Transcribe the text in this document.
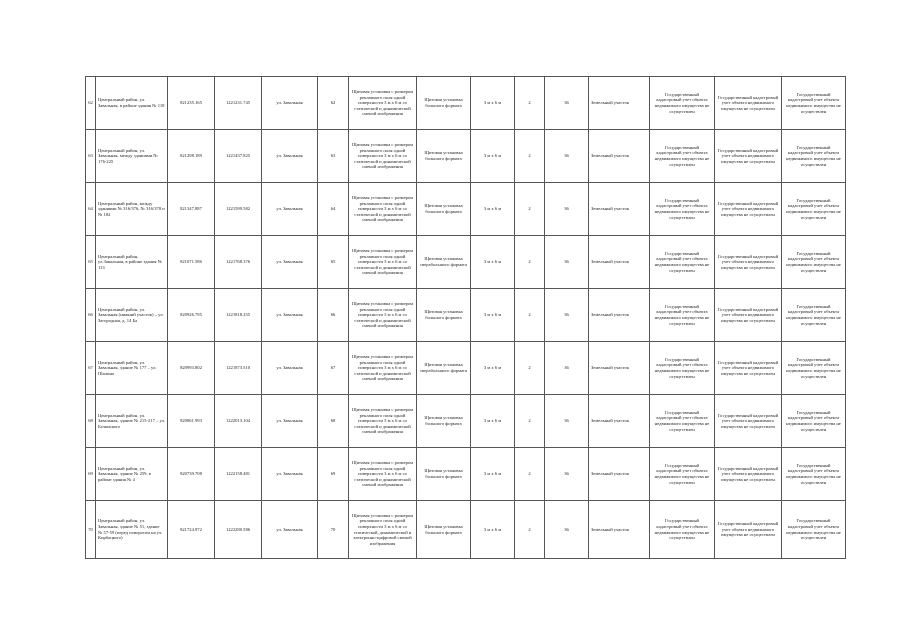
62	Центральный район, ул. Завальная, в районе здания № 118	821235.165	1221231.745	ул. Завальная	62	Щитовая установка с размером рекламного поля одной поверхности 3 м х 6 м со статической и динамической сменой изображения	Щитовая установка большого формата	3 м х 6 м	2	36	Земельный участок	Государственный кадастровый учет объекта недвижимого имущества не осуществлен	Государственный кадастровый учет объекта недвижимого имущества не осуществлен	Государственный кадастровый учет объекта недвижимого имущества не осуществлен
63	Центральный район, ул. Завальная, между зданиями № 176-225	821298.189	1221437.825	ул. Завальная	63	Щитовая установка с размером рекламного поля одной поверхности 3 м х 6 м со статической и динамической сменой изображения	Щитовая установка большого формата	3 м х 6 м	2	36	Земельный участок	Государственный кадастровый учет объекта недвижимого имущества не осуществлен	Государственный кадастровый учет объекта недвижимого имущества не осуществлен	Государственный кадастровый учет объекта недвижимого имущества не осуществлен
64	Центральный район, между зданиями № 316/376, № 316/378 и № 182	821347.887	1221599.582	ул. Завальная	64	Щитовая установка с размером рекламного поля одной поверхности 3 м х 6 м со статической и динамической сменой изображения	Щитовая установка большого формата	3 м х 6 м	2	36	Земельный участок	Государственный кадастровый учет объекта недвижимого имущества не осуществлен	Государственный кадастровый учет объекта недвижимого имущества не осуществлен	Государственный кадастровый учет объекта недвижимого имущества не осуществлен
65	Центральный район, ул.Завальная, в районе здания № 113	821071.586	1221768.376	ул. Завальная	65	Щитовая установка с размером рекламного поля одной поверхности 3 м х 6 м со статической и динамической сменой изображения	Щитовая установка сверхбольшого формата	3 м х 6 м	2	36	Земельный участок	Государственный кадастровый учет объекта недвижимого имущества не осуществлен	Государственный кадастровый учет объекта недвижимого имущества не осуществлен	Государственный кадастровый учет объекта недвижимого имущества не осуществлен
66	Центральный район, ул. Завальная (нижний участок) – ул. Загородная, д. 14 Ба	820926.795	1221818.255	ул. Завальная	66	Щитовая установка с размером рекламного поля одной поверхности 3 м х 6 м со статической и динамической сменой изображения	Щитовая установка большого формата	3 м х 6 м	2	36	Земельный участок	Государственный кадастровый учет объекта недвижимого имущества не осуществлен	Государственный кадастровый учет объекта недвижимого имущества не осуществлен	Государственный кадастровый учет объекта недвижимого имущества не осуществлен
67	Центральный район, ул. Завальная, здание № 177 – ул. Шалина	820993.802	1221873.510	ул. Завальная	67	Щитовая установка с размером рекламного поля одной поверхности 3 м х 6 м со статической и динамической сменой изображения	Щитовая установка сверхбольшого формата	3 м х 6 м	2	36	Земельный участок	Государственный кадастровый учет объекта недвижимого имущества не осуществлен	Государственный кадастровый учет объекта недвижимого имущества не осуществлен	Государственный кадастровый учет объекта недвижимого имущества не осуществлен
68	Центральный район, ул. Завальная, здание № 215-217 – ул. Белинского	820861.993	1222013.104	ул. Завальная	68	Щитовая установка с размером рекламного поля одной поверхности 3 м х 6 м со статической и динамической сменой изображения	Щитовая установка большого формата	3 м х 6 м	2	36	Земельный участок	Государственный кадастровый учет объекта недвижимого имущества не осуществлен	Государственный кадастровый учет объекта недвижимого имущества не осуществлен	Государственный кадастровый учет объекта недвижимого имущества не осуществлен
69	Центральный район, ул. Завальная, здание № 259, в районе здания № 4	820739.708	1222158.481	ул. Завальная	69	Щитовая установка с размером рекламного поля одной поверхности 3 м х 6 м со статической и динамической сменой изображения	Щитовая установка большого формата	3 м х 6 м	2	36	Земельный участок	Государственный кадастровый учет объекта недвижимого имущества не осуществлен	Государственный кадастровый учет объекта недвижимого имущества не осуществлен	Государственный кадастровый учет объекта недвижимого имущества не осуществлен
70	Центральный район, ул. Завальная, здание № 51, здание № 57-59 (перед поворотом на ул. Кирбацкого)	821724.972	1222280.586	ул. Завальная	70	Щитовая установка с размером рекламного поля одной поверхности 3 м х 6 м со статической, динамической и электронно-цифровой сменой изображения	Щитовая установка большого формата	3 м х 6 м	2	36	Земельный участок	Государственный кадастровый учет объекта недвижимого имущества не осуществлен	Государственный кадастровый учет объекта недвижимого имущества не осуществлен	Государственный кадастровый учет объекта недвижимого имущества не осуществлен
